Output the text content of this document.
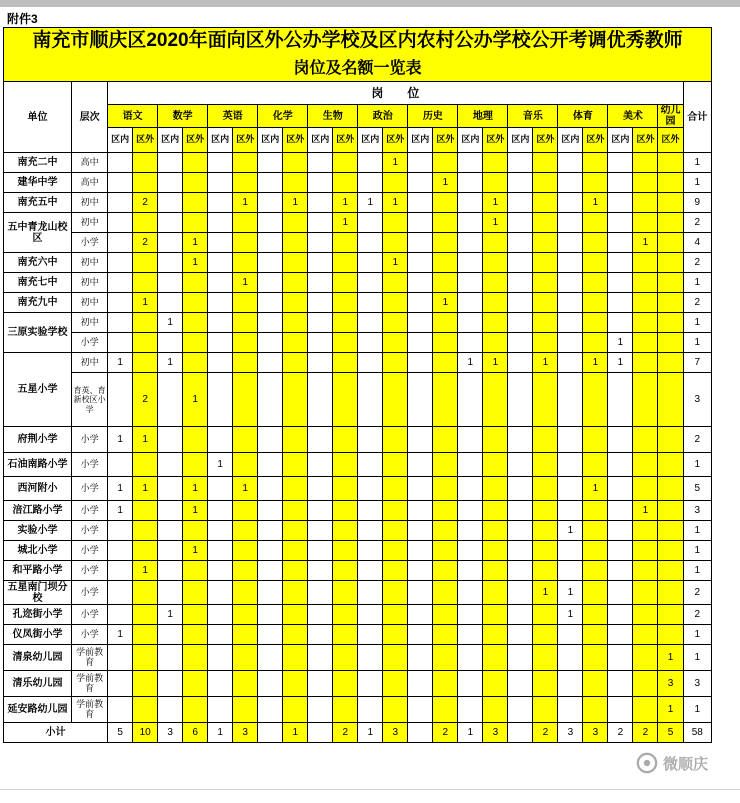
附件3
南充市顺庆区2020年面向区外公办学校及区内农村公办学校公开考调优秀教师
岗位及名额一览表
单位	层次	岗　　位																							合计
		语文		数学		英语		化学		生物		政治		历史		地理		音乐		体育		美术		幼儿园	
		区内	区外	区内	区外	区内	区外	区内	区外	区内	区外	区内	区外	区内	区外	区内	区外	区内	区外	区内	区外	区内	区外	区外	
南充二中	高中												1												1
建华中学	高中														1										1
南充五中	初中		2				1		1		1	1	1				1				1				9
五中青龙山校区	初中										1						1								2
	小学		2		1																		1		4
南充六中	初中				1								1												2
南充七中	初中						1																		1
南充九中	初中		1												1										2
三原实验学校	初中			1																					1
	小学																					1			1
五星小学	初中	1		1												1	1		1		1	1			7
	育英、育新校区小学		2		1																				3
府荆小学	小学	1	1																						2
石油南路小学	小学					1																			1
西河附小	小学	1	1		1		1														1				5
涪江路小学	小学	1			1																		1		3
实验小学	小学																			1					1
城北小学	小学				1																				1
和平路小学	小学		1																						1
五星南门坝分校	小学																		1	1					2
孔迩街小学	小学			1																1					2
仪凤街小学	小学	1																							1
清泉幼儿园	学前教育																							1	1
清乐幼儿园	学前教育																							3	3
延安路幼儿园	学前教育																							1	1
小计		5	10	3	6	1	3		1		2	1	3		2	1	3		2	3	3	2	2	5	58
微顺庆
